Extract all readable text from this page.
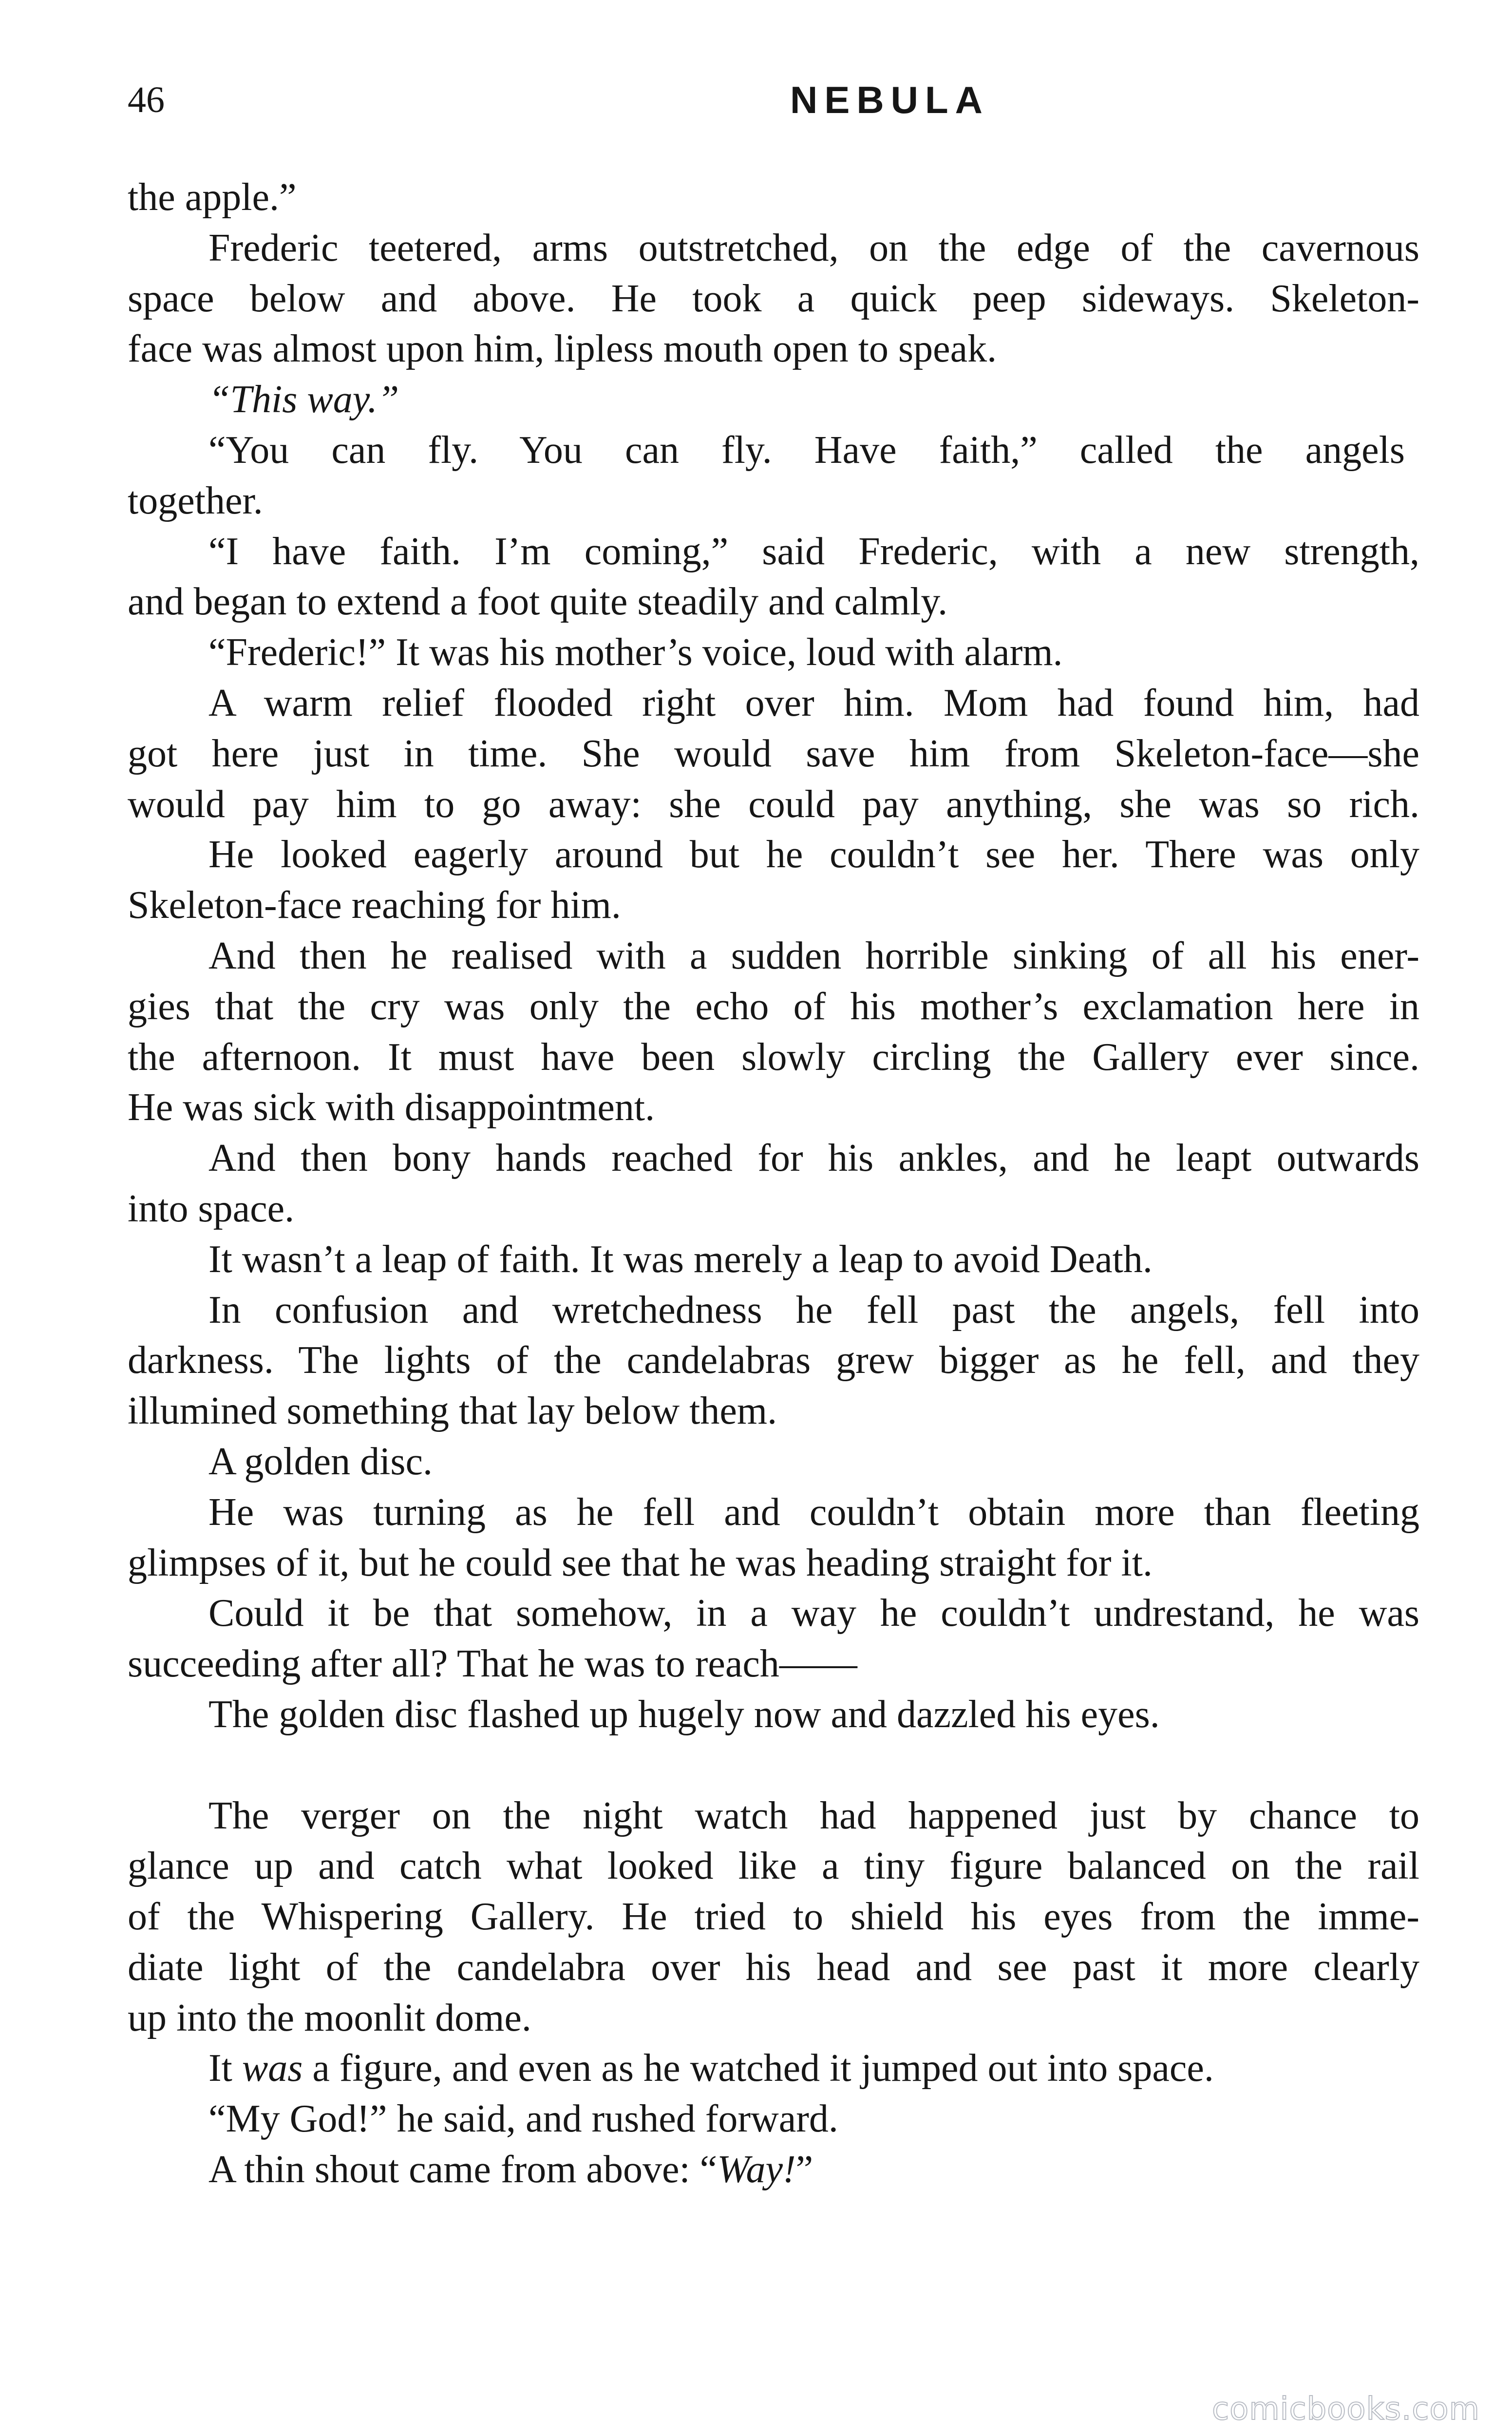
46	NEBULA
the apple.”
Frederic teetered, arms outstretched, on the edge of the cavernous
space below and above. He took a quick peep sideways. Skeleton-
face was almost upon him, lipless mouth open to speak.
“This way.”
“You can fly. You can fly. Have faith,” called the angels
together.
“I have faith. I’m coming,” said Frederic, with a new strength,
and began to extend a foot quite steadily and calmly.
“Frederic!” It was his mother’s voice, loud with alarm.
A warm relief flooded right over him. Mom had found him, had
got here just in time. She would save him from Skeleton-face—she
would pay him to go away: she could pay anything, she was so rich.
He looked eagerly around but he couldn’t see her. There was only
Skeleton-face reaching for him.
And then he realised with a sudden horrible sinking of all his ener-
gies that the cry was only the echo of his mother’s exclamation here in
the afternoon. It must have been slowly circling the Gallery ever since.
He was sick with disappointment.
And then bony hands reached for his ankles, and he leapt outwards
into space.
It wasn’t a leap of faith. It was merely a leap to avoid Death.
In confusion and wretchedness he fell past the angels, fell into
darkness. The lights of the candelabras grew bigger as he fell, and they
illumined something that lay below them.
A golden disc.
He was turning as he fell and couldn’t obtain more than fleeting
glimpses of it, but he could see that he was heading straight for it.
Could it be that somehow, in a way he couldn’t undrestand, he was
succeeding after all? That he was to reach——
The golden disc flashed up hugely now and dazzled his eyes.
The verger on the night watch had happened just by chance to
glance up and catch what looked like a tiny figure balanced on the rail
of the Whispering Gallery. He tried to shield his eyes from the imme-
diate light of the candelabra over his head and see past it more clearly
up into the moonlit dome.
It was a figure, and even as he watched it jumped out into space.
“My God!” he said, and rushed forward.
A thin shout came from above: “Way!”
comicbooks.com
